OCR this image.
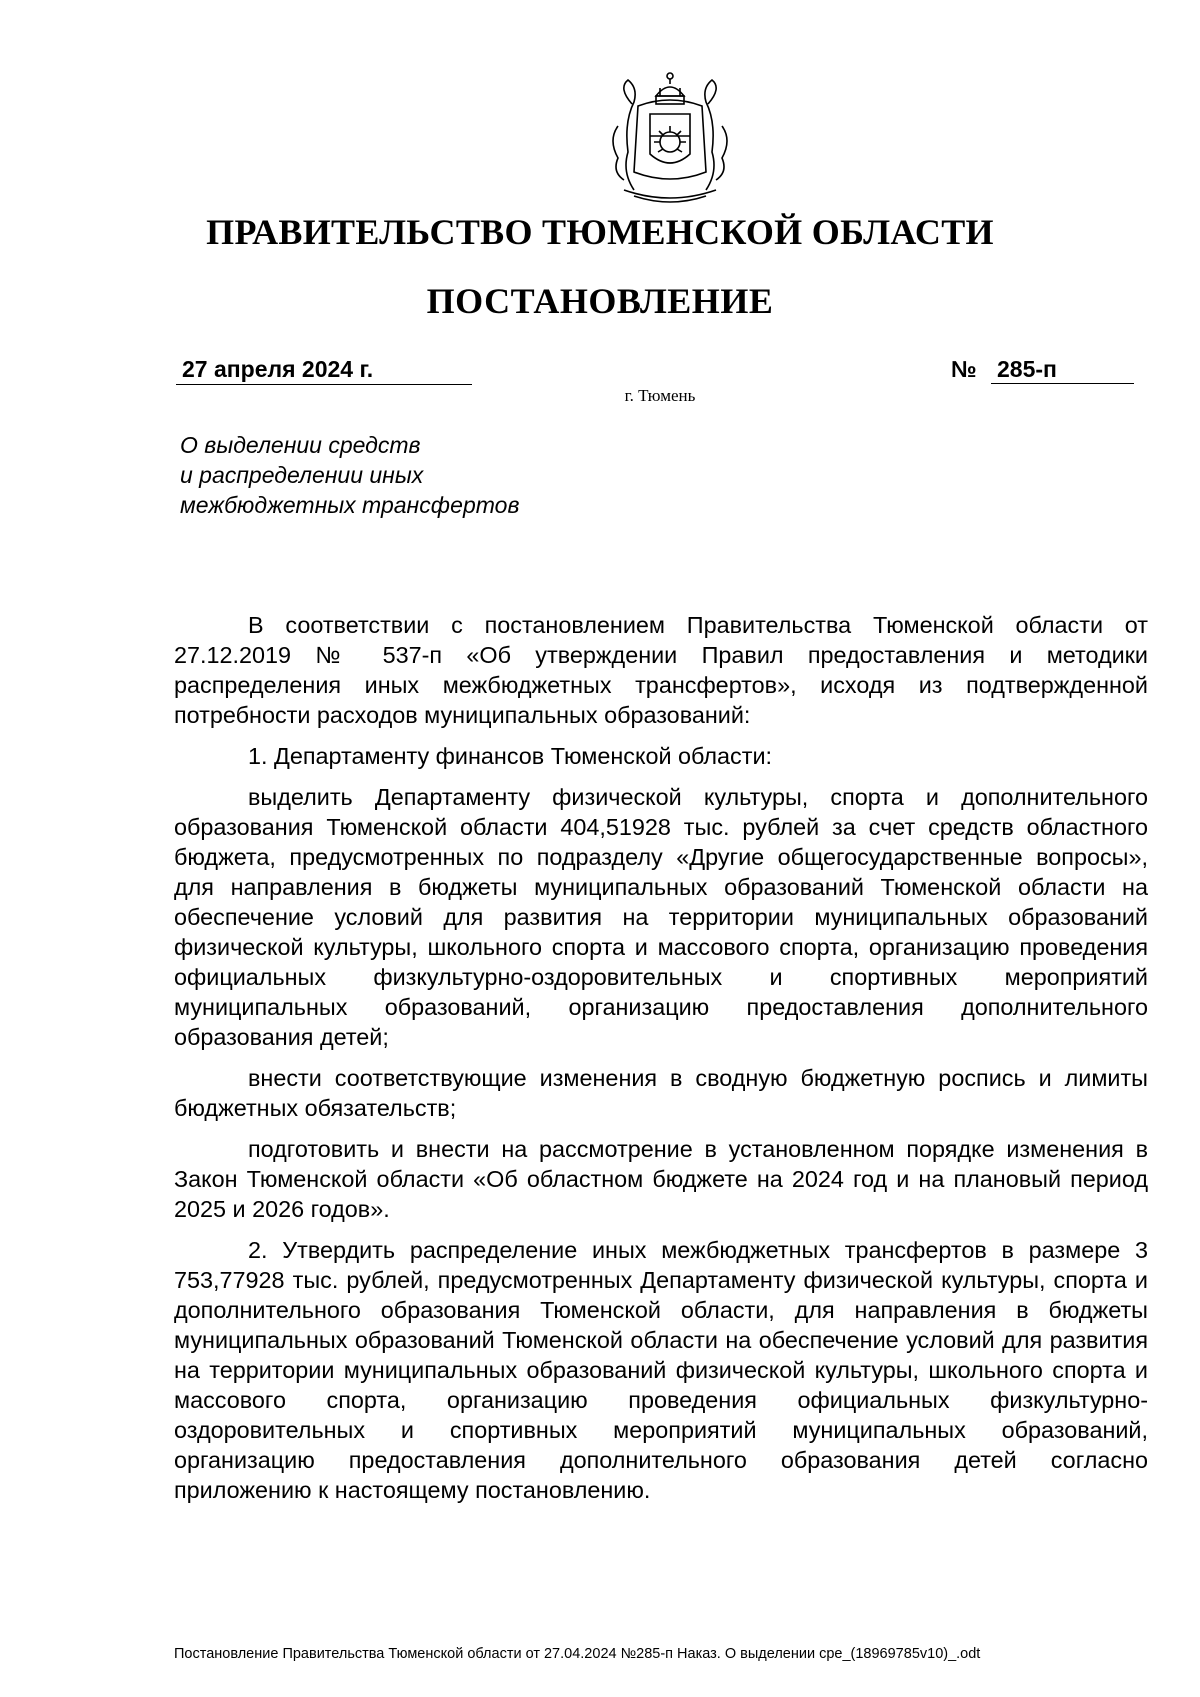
ПРАВИТЕЛЬСТВО ТЮМЕНСКОЙ ОБЛАСТИ
ПОСТАНОВЛЕНИЕ
27 апреля 2024 г.	№ 285-п
г. Тюмень
О выделении средств
и распределении иных
межбюджетных трансфертов

В соответствии с постановлением Правительства Тюменской области от 27.12.2019 № 537-п «Об утверждении Правил предоставления и методики распределения иных межбюджетных трансфертов», исходя из подтвержденной потребности расходов муниципальных образований:

1. Департаменту финансов Тюменской области:

выделить Департаменту физической культуры, спорта и дополнительного образования Тюменской области 404,51928 тыс. рублей за счет средств областного бюджета, предусмотренных по подразделу «Другие общегосударственные вопросы», для направления в бюджеты муниципальных образований Тюменской области на обеспечение условий для развития на территории муниципальных образований физической культуры, школьного спорта и массового спорта, организацию проведения официальных физкультурно-оздоровительных и спортивных мероприятий муниципальных образований, организацию предоставления дополнительного образования детей;

внести соответствующие изменения в сводную бюджетную роспись и лимиты бюджетных обязательств;

подготовить и внести на рассмотрение в установленном порядке изменения в Закон Тюменской области «Об областном бюджете на 2024 год и на плановый период 2025 и 2026 годов».

2. Утвердить распределение иных межбюджетных трансфертов в размере 3 753,77928 тыс. рублей, предусмотренных Департаменту физической культуры, спорта и дополнительного образования Тюменской области, для направления в бюджеты муниципальных образований Тюменской области на обеспечение условий для развития на территории муниципальных образований физической культуры, школьного спорта и массового спорта, организацию проведения официальных физкультурно-оздоровительных и спортивных мероприятий муниципальных образований, организацию предоставления дополнительного образования детей согласно приложению к настоящему постановлению.

Постановление Правительства Тюменской области от 27.04.2024 №285-п Наказ. О выделении сре_(18969785v10)_.odt
